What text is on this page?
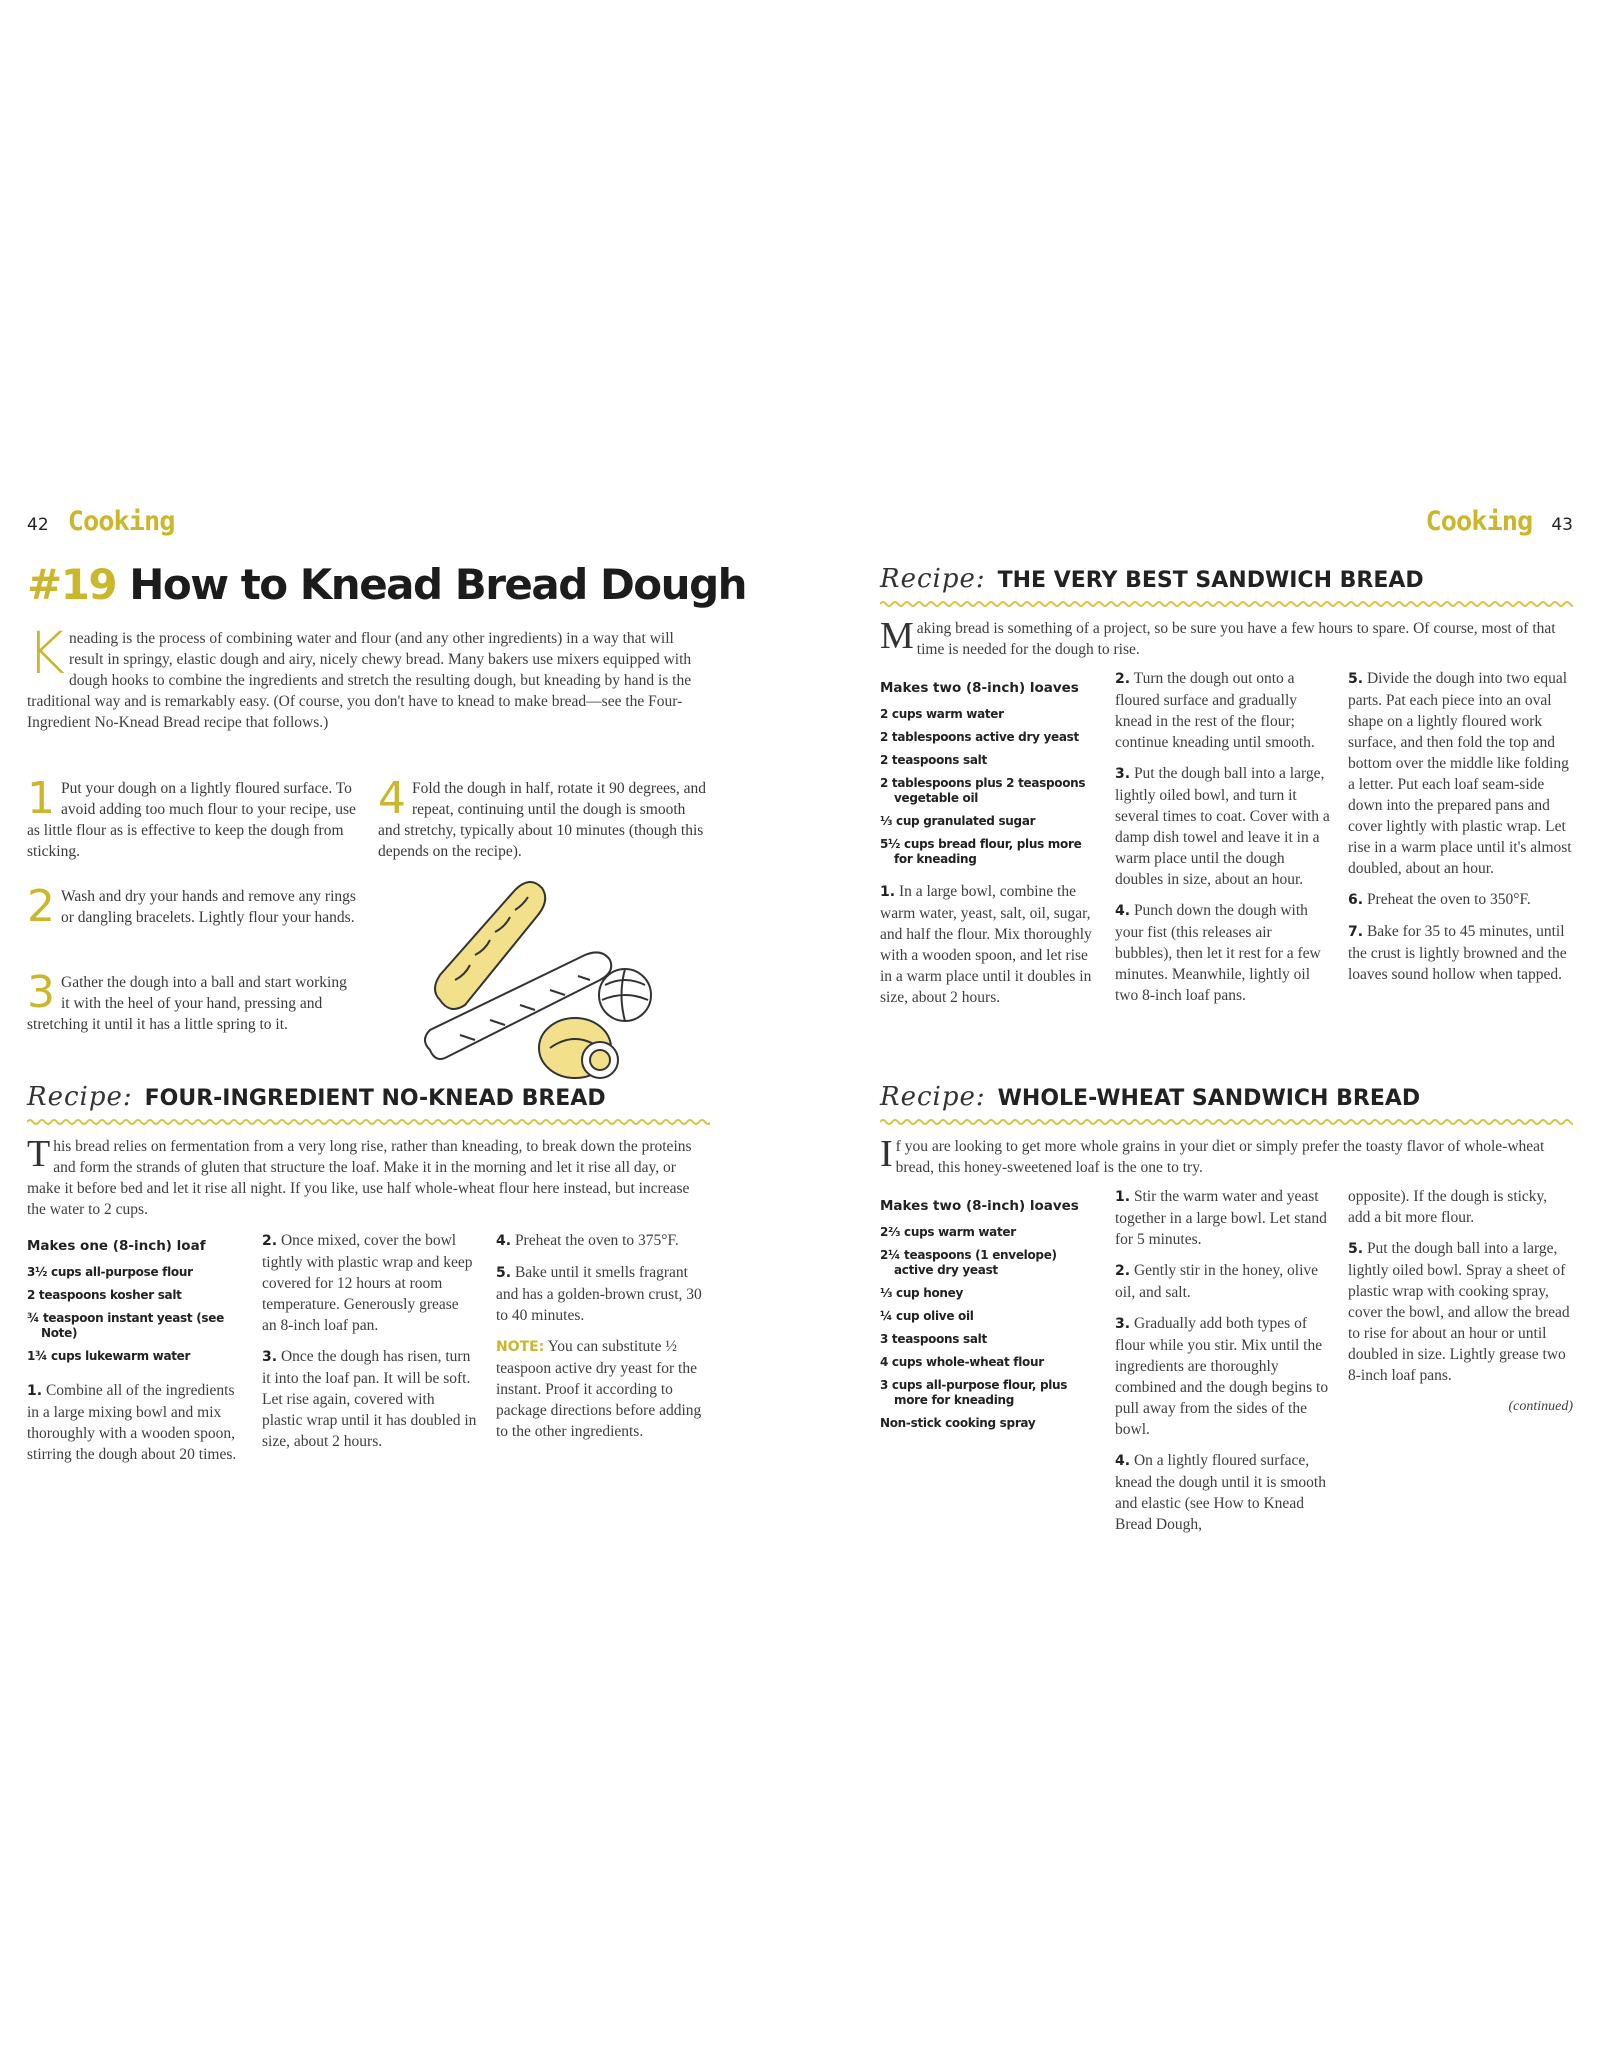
42 Cooking
#19 How to Knead Bread Dough
K neading is the process of combining water and flour (and any other ingredients) in a way that will result in springy, elastic dough and airy, nicely chewy bread. Many bakers use mixers equipped with dough hooks to combine the ingredients and stretch the resulting dough, but kneading by hand is the traditional way and is remarkably easy. (Of course, you don't have to knead to make bread—see the Four-Ingredient No-Knead Bread recipe that follows.)
1 Put your dough on a lightly floured surface. To avoid adding too much flour to your recipe, use as little flour as is effective to keep the dough from sticking.
2 Wash and dry your hands and remove any rings or dangling bracelets. Lightly flour your hands.
3 Gather the dough into a ball and start working it with the heel of your hand, pressing and stretching it until it has a little spring to it.
4 Fold the dough in half, rotate it 90 degrees, and repeat, continuing until the dough is smooth and stretchy, typically about 10 minutes (though this depends on the recipe).
Recipe: FOUR-INGREDIENT NO-KNEAD BREAD
T his bread relies on fermentation from a very long rise, rather than kneading, to break down the proteins and form the strands of gluten that structure the loaf. Make it in the morning and let it rise all day, or make it before bed and let it rise all night. If you like, use half whole-wheat flour here instead, but increase the water to 2 cups.
Makes one (8-inch) loaf
3½ cups all-purpose flour
2 teaspoons kosher salt
¾ teaspoon instant yeast (see Note)
1¾ cups lukewarm water

1. Combine all of the ingredients in a large mixing bowl and mix thoroughly with a wooden spoon, stirring the dough about 20 times.

2. Once mixed, cover the bowl tightly with plastic wrap and keep covered for 12 hours at room temperature. Generously grease an 8-inch loaf pan.

3. Once the dough has risen, turn it into the loaf pan. It will be soft. Let rise again, covered with plastic wrap until it has doubled in size, about 2 hours.

4. Preheat the oven to 375°F.

5. Bake until it smells fragrant and has a golden-brown crust, 30 to 40 minutes.

NOTE: You can substitute ½ teaspoon active dry yeast for the instant. Proof it according to package directions before adding to the other ingredients.

Cooking 43
Recipe: THE VERY BEST SANDWICH BREAD
M aking bread is something of a project, so be sure you have a few hours to spare. Of course, most of that time is needed for the dough to rise.
Makes two (8-inch) loaves
2 cups warm water
2 tablespoons active dry yeast
2 teaspoons salt
2 tablespoons plus 2 teaspoons vegetable oil
⅓ cup granulated sugar
5½ cups bread flour, plus more for kneading

1. In a large bowl, combine the warm water, yeast, salt, oil, sugar, and half the flour. Mix thoroughly with a wooden spoon, and let rise in a warm place until it doubles in size, about 2 hours.

2. Turn the dough out onto a floured surface and gradually knead in the rest of the flour; continue kneading until smooth.

3. Put the dough ball into a large, lightly oiled bowl, and turn it several times to coat. Cover with a damp dish towel and leave it in a warm place until the dough doubles in size, about an hour.

4. Punch down the dough with your fist (this releases air bubbles), then let it rest for a few minutes. Meanwhile, lightly oil two 8-inch loaf pans.

5. Divide the dough into two equal parts. Pat each piece into an oval shape on a lightly floured work surface, and then fold the top and bottom over the middle like folding a letter. Put each loaf seam-side down into the prepared pans and cover lightly with plastic wrap. Let rise in a warm place until it's almost doubled, about an hour.

6. Preheat the oven to 350°F.

7. Bake for 35 to 45 minutes, until the crust is lightly browned and the loaves sound hollow when tapped.

Recipe: WHOLE-WHEAT SANDWICH BREAD
I f you are looking to get more whole grains in your diet or simply prefer the toasty flavor of whole-wheat bread, this honey-sweetened loaf is the one to try.
Makes two (8-inch) loaves
2⅔ cups warm water
2¼ teaspoons (1 envelope) active dry yeast
⅓ cup honey
¼ cup olive oil
3 teaspoons salt
4 cups whole-wheat flour
3 cups all-purpose flour, plus more for kneading
Non-stick cooking spray

1. Stir the warm water and yeast together in a large bowl. Let stand for 5 minutes.

2. Gently stir in the honey, olive oil, and salt.

3. Gradually add both types of flour while you stir. Mix until the ingredients are thoroughly combined and the dough begins to pull away from the sides of the bowl.

4. On a lightly floured surface, knead the dough until it is smooth and elastic (see How to Knead Bread Dough,

opposite). If the dough is sticky, add a bit more flour.

5. Put the dough ball into a large, lightly oiled bowl. Spray a sheet of plastic wrap with cooking spray, cover the bowl, and allow the bread to rise for about an hour or until doubled in size. Lightly grease two 8-inch loaf pans.

(continued)
